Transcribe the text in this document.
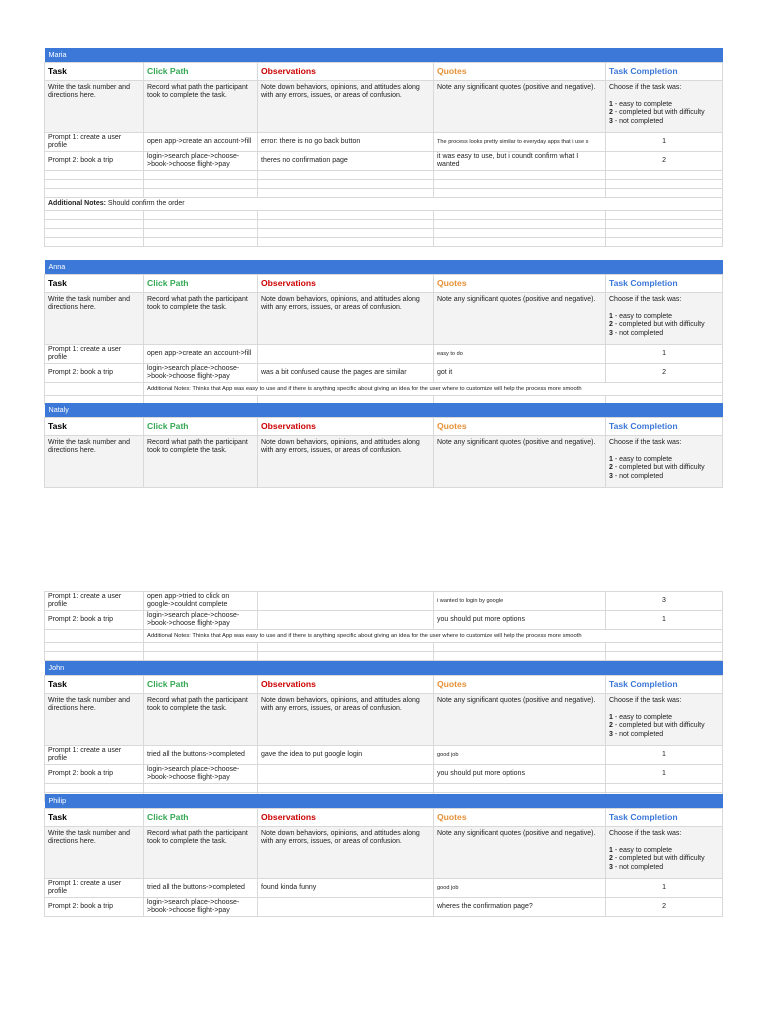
Maria				
Task	Click Path	Observations	Quotes	Task Completion
Write the task number and directions here.	Record what path the participant took to complete the task.	Note down behaviors, opinions, and attitudes along with any errors, issues, or areas of confusion.	Note any significant quotes (positive and negative).	Choose if the task was:

1 - easy to complete
2 - completed but with difficulty
3 - not completed

Prompt 1: create a user profile	open app->create an account->fill	error: there is no go back button	The process looks pretty similar to everyday apps that i use s	1
Prompt 2: book a trip	login->search place->choose->book->choose flight->pay	theres no confirmation page	it was easy to use, but i coundt confirm what I wanted	2

Additional Notes: Should confirm the order				

Anna				
Task	Click Path	Observations	Quotes	Task Completion
Write the task number and directions here.	Record what path the participant took to complete the task.	Note down behaviors, opinions, and attitudes along with any errors, issues, or areas of confusion.	Note any significant quotes (positive and negative).	Choose if the task was:

1 - easy to complete
2 - completed but with difficulty
3 - not completed

Prompt 1: create a user profile	open app->create an account->fill		easy to do	1
Prompt 2: book a trip	login->search place->choose->book->choose flight->pay	was a bit confused cause the pages are similar	got it	2
	Additional Notes: Thinks that App was easy to use and if there is anything specific about giving an idea for the user where to customize will help the process more smooth			

Nataly				
Task	Click Path	Observations	Quotes	Task Completion
Write the task number and directions here.	Record what path the participant took to complete the task.	Note down behaviors, opinions, and attitudes along with any errors, issues, or areas of confusion.	Note any significant quotes (positive and negative).	Choose if the task was:

1 - easy to complete
2 - completed but with difficulty
3 - not completed
Prompt 1: create a user profile	open app->tried to click on google->couldnt complete		i wanted to login by google	3
Prompt 2: book a trip	login->search place->choose->book->choose flight->pay		you should put more options	1
	Additional Notes: Thinks that App was easy to use and if there is anything specific about giving an idea for the user where to customize will help the process more smooth			

John				
Task	Click Path	Observations	Quotes	Task Completion
Write the task number and directions here.	Record what path the participant took to complete the task.	Note down behaviors, opinions, and attitudes along with any errors, issues, or areas of confusion.	Note any significant quotes (positive and negative).	Choose if the task was:

1 - easy to complete
2 - completed but with difficulty
3 - not completed

Prompt 1: create a user profile	tried all the buttons->completed	gave the idea to put google login	good job	1
Prompt 2: book a trip	login->search place->choose->book->choose flight->pay		you should put more options	1

Philip				
Task	Click Path	Observations	Quotes	Task Completion
Write the task number and directions here.	Record what path the participant took to complete the task.	Note down behaviors, opinions, and attitudes along with any errors, issues, or areas of confusion.	Note any significant quotes (positive and negative).	Choose if the task was:

1 - easy to complete
2 - completed but with difficulty
3 - not completed

Prompt 1: create a user profile	tried all the buttons->completed	found kinda funny	good job	1
Prompt 2: book a trip	login->search place->choose->book->choose flight->pay		wheres the confirmation page?	2
